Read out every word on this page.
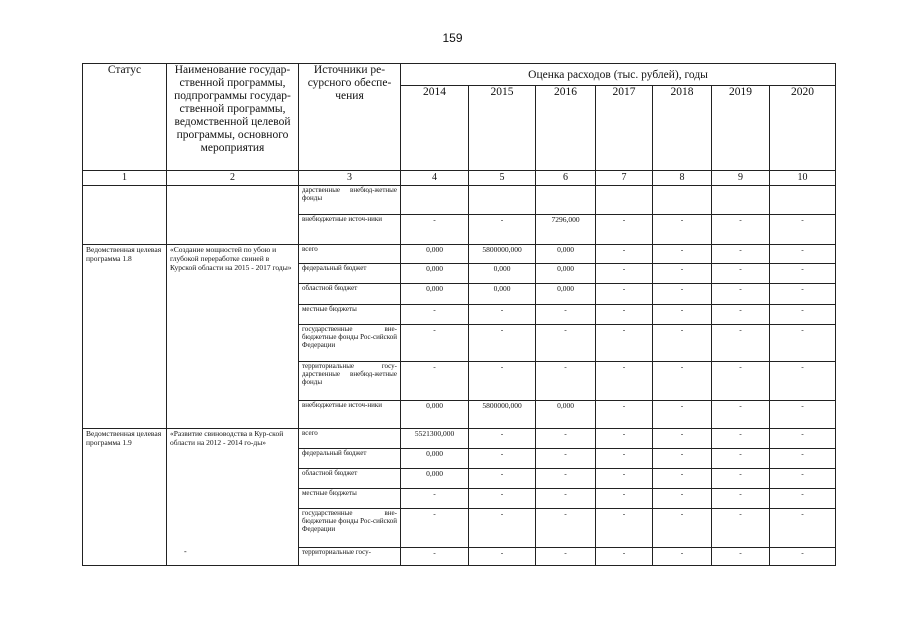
159
Статус	Наименование государ-ственной программы, подпрограммы государ-ственной программы, ведомственной целевой программы, основного мероприятия	Источники ре-сурсного обеспе-чения	Оценка расходов (тыс. рублей), годы						
			2014	2015	2016	2017	2018	2019	2020
1	2	3	4	5	6	7	8	9	10
		дарственные внебюд-жетные фонды							
		внебюджетные источ-ники	-	-	7296,000	-	-	-	-
Ведомственная целевая программа 1.8	«Создание мощностей по убою и глубокой переработке свиней в Курской области на 2015 - 2017 годы»	всего	0,000	5800000,000	0,000	-	-	-	-
		федеральный бюджет	0,000	0,000	0,000	-	-	-	-
		областной бюджет	0,000	0,000	0,000	-	-	-	-
		местные бюджеты	-	-	-	-	-	-	-
		государственные вне-бюджетные фонды Рос-сийской Федерации	-	-	-	-	-	-	-
		территориальные госу-дарственные внебюд-жетные фонды	-	-	-	-	-	-	-
		внебюджетные источ-ники	0,000	5800000,000	0,000	-	-	-	-
Ведомственная целевая программа 1.9	«Развитие свиноводства в Кур-ской области на 2012 - 2014 го-ды»	всего	5521300,000	-	-	-	-	-	-
		федеральный бюджет	0,000	-	-	-	-	-	-
		областной бюджет	0,000	-	-	-	-	-	-
		местные бюджеты	-	-	-	-	-	-	-
		государственные вне-бюджетные фонды Рос-сийской Федерации	-	-	-	-	-	-	-
		территориальные госу-	-	-	-	-	-	-	-
-
